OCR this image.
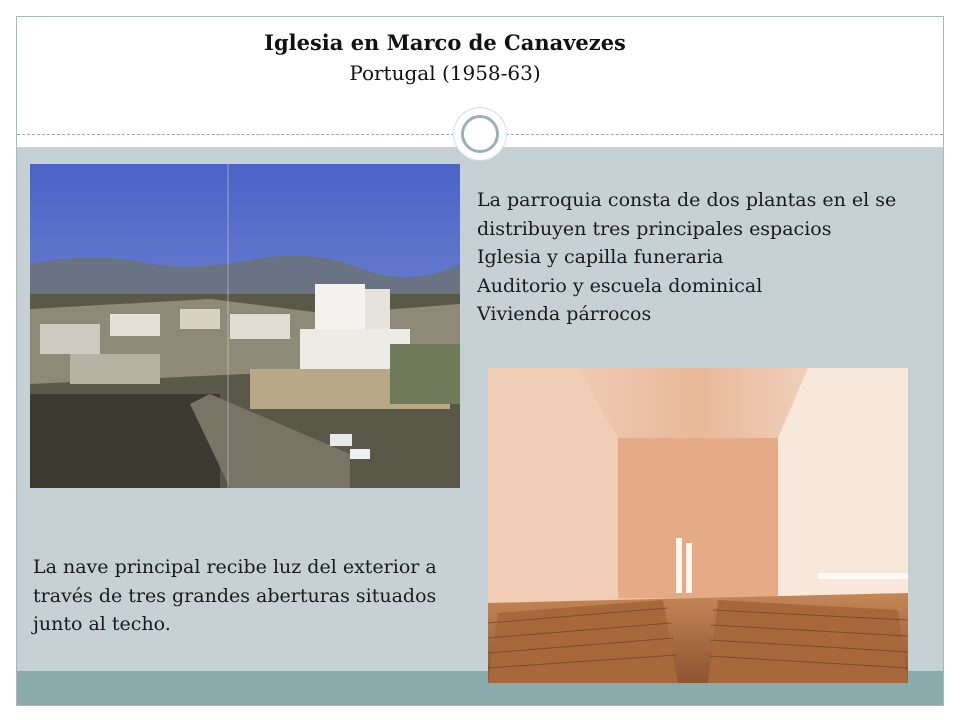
Iglesia en Marco de Canavezes
Portugal (1958-63)
La parroquia consta de dos plantas en el se
distribuyen tres principales espacios
Iglesia y capilla funeraria
Auditorio y escuela dominical
Vivienda párrocos
La nave principal recibe luz del exterior a
través de tres grandes aberturas situados
junto al techo.
